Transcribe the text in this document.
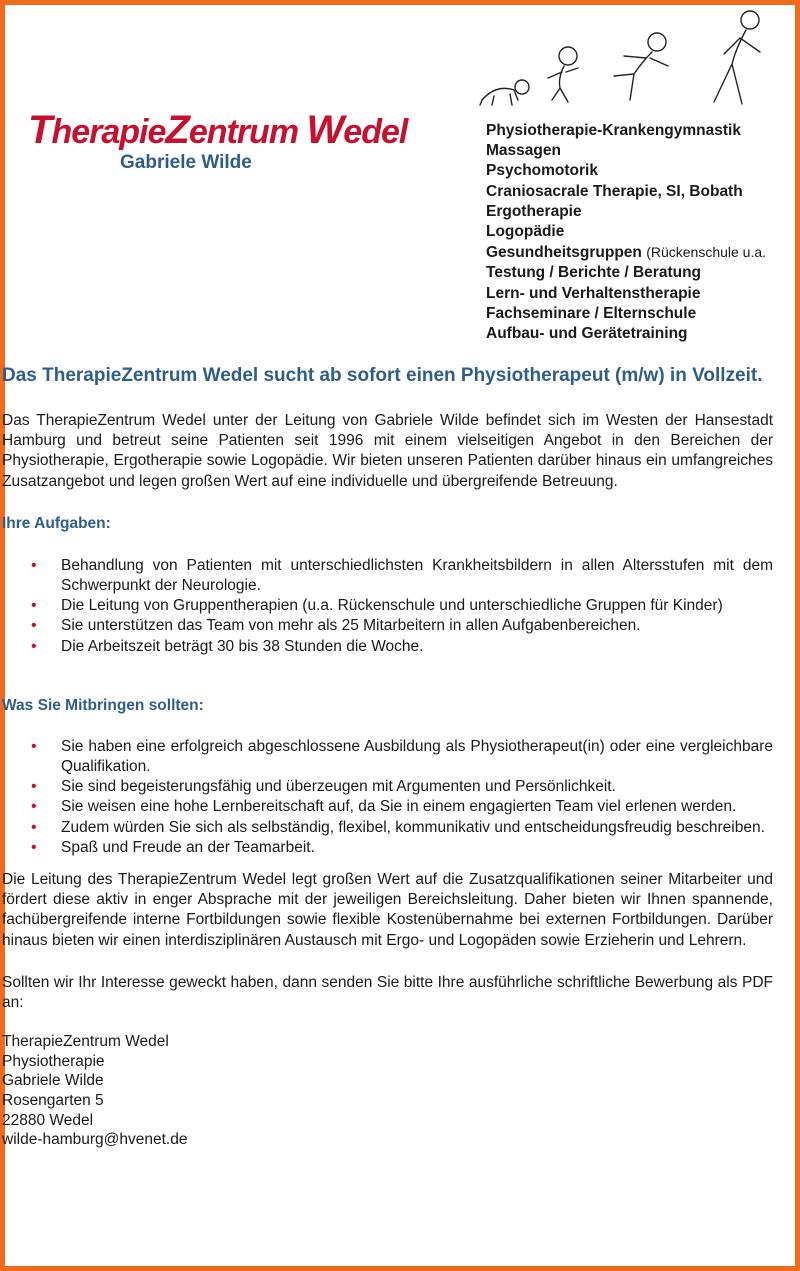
TherapieZentrum Wedel
Gabriele Wilde
Physiotherapie-Krankengymnastik
Massagen
Psychomotorik
Craniosacrale Therapie, SI, Bobath
Ergotherapie
Logopädie
Gesundheitsgruppen (Rückenschule u.a.
Testung / Berichte / Beratung
Lern- und Verhaltenstherapie
Fachseminare / Elternschule
Aufbau- und Gerätetraining
Das TherapieZentrum Wedel sucht ab sofort einen Physiotherapeut (m/w) in Vollzeit.

Das TherapieZentrum Wedel unter der Leitung von Gabriele Wilde befindet sich im Westen der Hansestadt Hamburg und betreut seine Patienten seit 1996 mit einem vielseitigen Angebot in den Bereichen der Physiotherapie, Ergotherapie sowie Logopädie. Wir bieten unseren Patienten darüber hinaus ein umfangreiches Zusatzangebot und legen großen Wert auf eine individuelle und übergreifende Betreuung.

Ihre Aufgaben:
• Behandlung von Patienten mit unterschiedlichsten Krankheitsbildern in allen Altersstufen mit dem Schwerpunkt der Neurologie.
• Die Leitung von Gruppentherapien (u.a. Rückenschule und unterschiedliche Gruppen für Kinder)
• Sie unterstützen das Team von mehr als 25 Mitarbeitern in allen Aufgabenbereichen.
• Die Arbeitszeit beträgt 30 bis 38 Stunden die Woche.
Was Sie Mitbringen sollten:
• Sie haben eine erfolgreich abgeschlossene Ausbildung als Physiotherapeut(in) oder eine vergleichbare Qualifikation.
• Sie sind begeisterungsfähig und überzeugen mit Argumenten und Persönlichkeit.
• Sie weisen eine hohe Lernbereitschaft auf, da Sie in einem engagierten Team viel erlenen werden.
• Zudem würden Sie sich als selbständig, flexibel, kommunikativ und entscheidungsfreudig beschreiben.
• Spaß und Freude an der Teamarbeit.

Die Leitung des TherapieZentrum Wedel legt großen Wert auf die Zusatzqualifikationen seiner Mitarbeiter und fördert diese aktiv in enger Absprache mit der jeweiligen Bereichsleitung. Daher bieten wir Ihnen spannende, fachübergreifende interne Fortbildungen sowie flexible Kostenübernahme bei externen Fortbildungen. Darüber hinaus bieten wir einen interdisziplinären Austausch mit Ergo- und Logopäden sowie Erzieherin und Lehrern.

Sollten wir Ihr Interesse geweckt haben, dann senden Sie bitte Ihre ausführliche schriftliche Bewerbung als PDF an:

TherapieZentrum Wedel
Physiotherapie
Gabriele Wilde
Rosengarten 5
22880 Wedel
wilde-hamburg@hvenet.de
